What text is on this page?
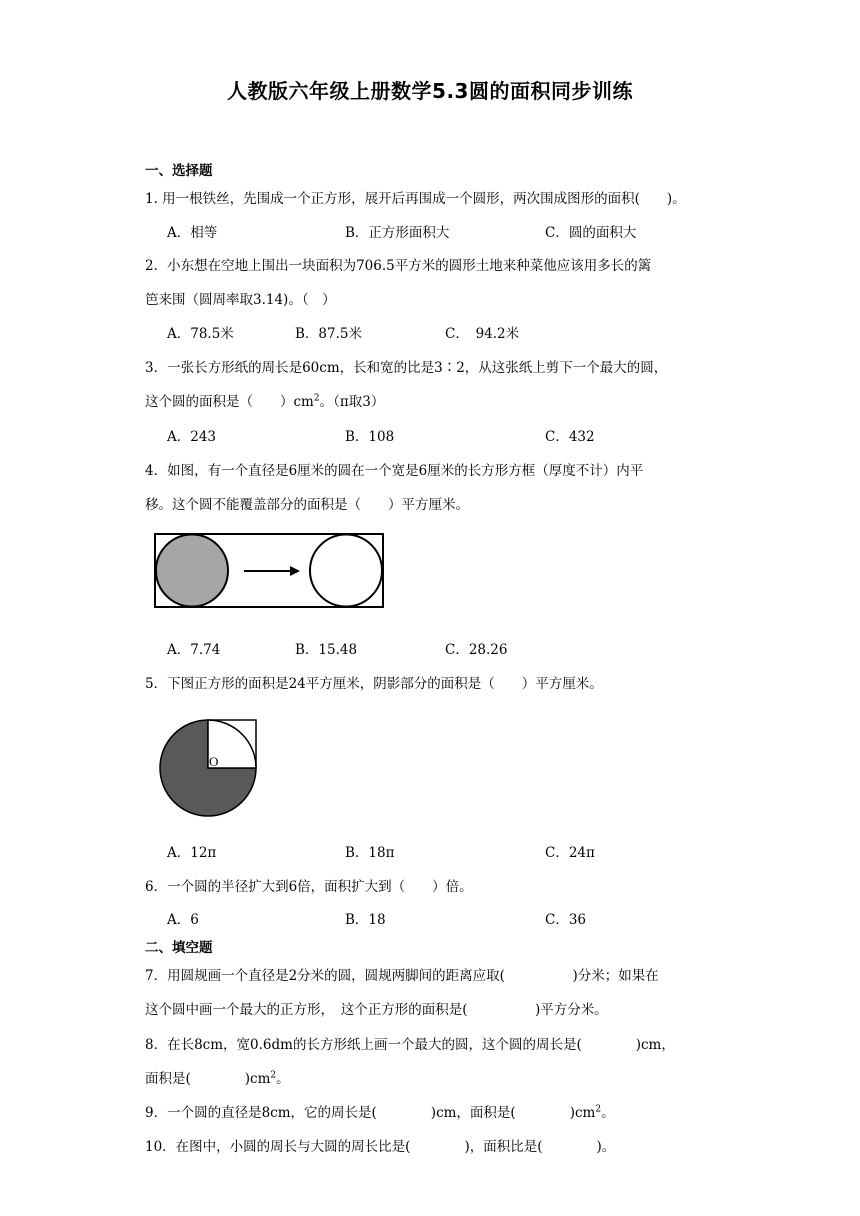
人教版六年级上册数学5.3圆的面积同步训练
一、选择题
1. 用一根铁丝，先围成一个正方形，展开后再围成一个圆形，两次围成图形的面积(　　)。
A．相等	B．正方形面积大	C．圆的面积大
2．小东想在空地上围出一块面积为706.5平方米的圆形土地来种菜他应该用多长的篱
笆来围（圆周率取3.14)。（　）
A．78.5米	B．87.5米	C．　94.2米
3．一张长方形纸的周长是60cm，长和宽的比是3∶2，从这张纸上剪下一个最大的圆，
这个圆的面积是（　　）$cm^2$。（π取3）
A．243	B．108	C．432
4．如图，有一个直径是6厘米的圆在一个宽是6厘米的长方形方框（厚度不计）内平
移。这个圆不能覆盖部分的面积是（　　）平方厘米。
A．7.74	B．15.48	C．28.26
5．下图正方形的面积是24平方厘米，阴影部分的面积是（　　）平方厘米。
O
A．12π	B．18π	C．24π
6．一个圆的半径扩大到6倍，面积扩大到（　　）倍。
A．6	B．18	C．36
二、填空题
7．用圆规画一个直径是2分米的圆，圆规两脚间的距离应取(　　　　　)分米；如果在
这个圆中画一个最大的正方形，　这个正方形的面积是(　　　　　)平方分米。
8．在长8cm，宽0.6dm的长方形纸上画一个最大的圆，这个圆的周长是(　　　　)cm，
面积是(　　　　)$cm^2$。
9．一个圆的直径是8cm，它的周长是(　　　　)cm，面积是(　　　　)$cm^2$。
10．在图中，小圆的周长与大圆的周长比是(　　　　)，面积比是(　　　　)。
